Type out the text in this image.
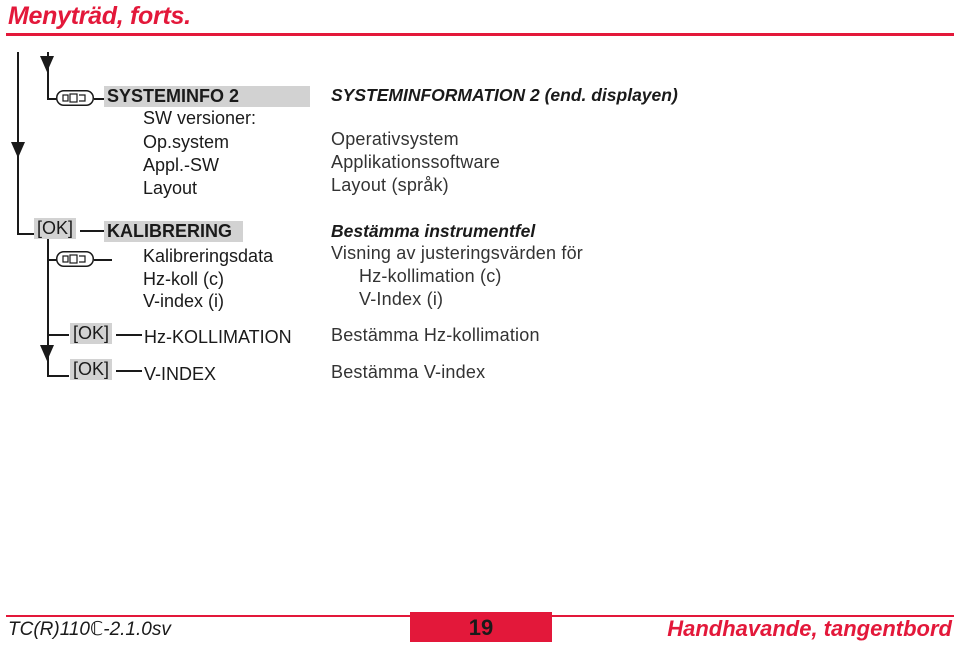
Menyträd, forts.
SYSTEMINFO 2
SW versioner:
Op.system
Appl.-SW
Layout
[OK] KALIBRERING
Kalibreringsdata
Hz-koll (c)
V-index (i)
[OK] Hz-KOLLIMATION
[OK] V-INDEX
SYSTEMINFORMATION 2 (end. displayen)
Operativsystem
Applikationssoftware
Layout (språk)
Bestämma instrumentfel
Visning av justeringsvärden för
Hz-kollimation (c)
V-Index (i)
Bestämma Hz-kollimation
Bestämma V-index
TC(R)110ℂ-2.1.0sv	19	Handhavande, tangentbord
